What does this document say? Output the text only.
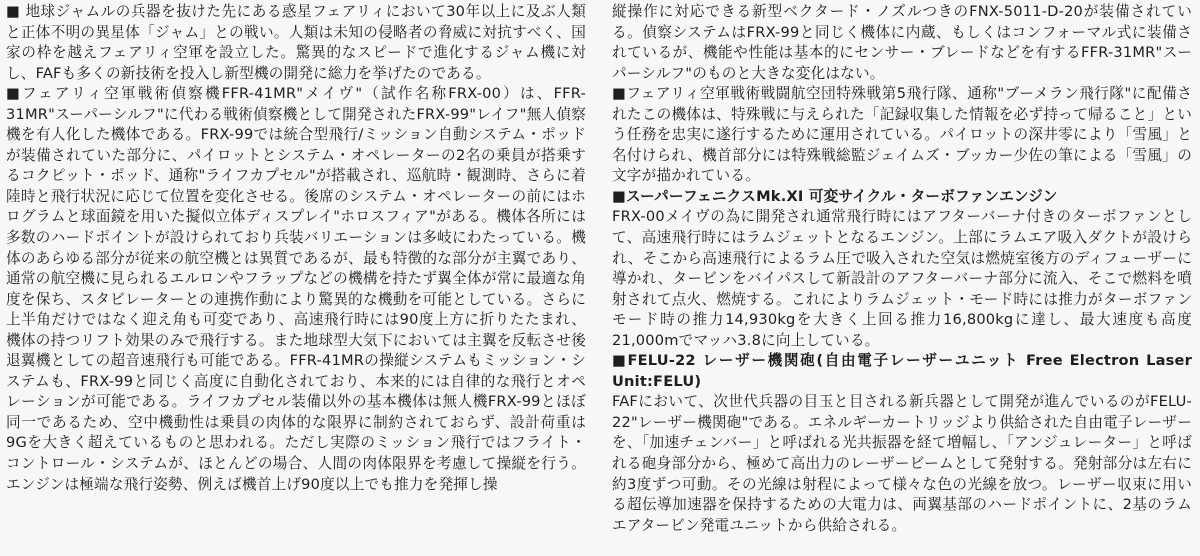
■ 地球ジャムルの兵器を抜けた先にある惑星フェアリィにおいて30年以上に及ぶ人類と正体不明の異星体「ジャム」との戦い。人類は未知の侵略者の脅威に対抗すべく、国家の枠を越えフェアリィ空軍を設立した。驚異的なスピードで進化するジャム機に対し、FAFも多くの新技術を投入し新型機の開発に総力を挙げたのである。

■フェアリィ空軍戦術偵察機FFR-41MR"メイヴ"（試作名称FRX-00）は、FFR-31MR"スーパーシルフ"に代わる戦術偵察機として開発されたFRX-99"レイフ"無人偵察機を有人化した機体である。FRX-99では統合型飛行/ミッション自動システム・ポッドが装備されていた部分に、パイロットとシステム・オペレーターの2名の乗員が搭乗するコクピット・ポッド、通称"ライフカプセル"が搭載され、巡航時・観測時、さらに着陸時と飛行状況に応じて位置を変化させる。後席のシステム・オペレーターの前にはホログラムと球面鏡を用いた擬似立体ディスプレイ"ホロスフィア"がある。機体各所には多数のハードポイントが設けられており兵装バリエーションは多岐にわたっている。機体のあらゆる部分が従来の航空機とは異質であるが、最も特徴的な部分が主翼であり、通常の航空機に見られるエルロンやフラップなどの機構を持たず翼全体が常に最適な角度を保ち、スタビレーターとの連携作動により驚異的な機動を可能としている。さらに上半角だけではなく迎え角も可変であり、高速飛行時には90度上方に折りたたまれ、機体の持つリフト効果のみで飛行する。また地球型大気下においては主翼を反転させ後退翼機としての超音速飛行も可能である。FFR-41MRの操縦システムもミッション・システムも、FRX-99と同じく高度に自動化されており、本来的には自律的な飛行とオペレーションが可能である。ライフカプセル装備以外の基本機体は無人機FRX-99とほぼ同一であるため、空中機動性は乗員の肉体的な限界に制約されておらず、設計荷重は9Gを大きく超えているものと思われる。ただし実際のミッション飛行ではフライト・コントロール・システムが、ほとんどの場合、人間の肉体限界を考慮して操縦を行う。エンジンは極端な飛行姿勢、例えば機首上げ90度以上でも推力を発揮し操

縦操作に対応できる新型ベクタード・ノズルつきのFNX-5011-D-20が装備されている。偵察システムはFRX-99と同じく機体に内蔵、もしくはコンフォーマル式に装備されているが、機能や性能は基本的にセンサー・ブレードなどを有するFFR-31MR"スーパーシルフ"のものと大きな変化はない。

■フェアリィ空軍戦術戦闘航空団特殊戦第5飛行隊、通称"ブーメラン飛行隊"に配備されたこの機体は、特殊戦に与えられた「記録収集した情報を必ず持って帰ること」という任務を忠実に遂行するために運用されている。パイロットの深井零により「雪風」と名付けられ、機首部分には特殊戦総監ジェイムズ・ブッカー少佐の筆による「雪風」の文字が描かれている。

■スーパーフェニクスMk.XI 可変サイクル・ターボファンエンジン

FRX-00メイヴの為に開発され通常飛行時にはアフターバーナ付きのターボファンとして、高速飛行時にはラムジェットとなるエンジン。上部にラムエア吸入ダクトが設けられ、そこから高速飛行によるラム圧で吸入された空気は燃焼室後方のディフューザーに導かれ、タービンをバイパスして新設計のアフターバーナ部分に流入、そこで燃料を噴射されて点火、燃焼する。これによりラムジェット・モード時には推力がターボファンモード時の推力14,930kgを大きく上回る推力16,800kgに達し、最大速度も高度21,000mでマッハ3.8に向上している。

■FELU-22 レーザー機関砲(自由電子レーザーユニット Free Electron Laser Unit:FELU)

FAFにおいて、次世代兵器の目玉と目される新兵器として開発が進んでいるのがFELU-22"レーザー機関砲"である。エネルギーカートリッジより供給された自由電子レーザーを、「加速チェンバー」と呼ばれる光共振器を経て増幅し、「アンジュレーター」と呼ばれる砲身部分から、極めて高出力のレーザービームとして発射する。発射部分は左右に約3度ずつ可動。その光線は射程によって様々な色の光線を放つ。レーザー収束に用いる超伝導加速器を保持するための大電力は、両翼基部のハードポイントに、2基のラムエアタービン発電ユニットから供給される。
